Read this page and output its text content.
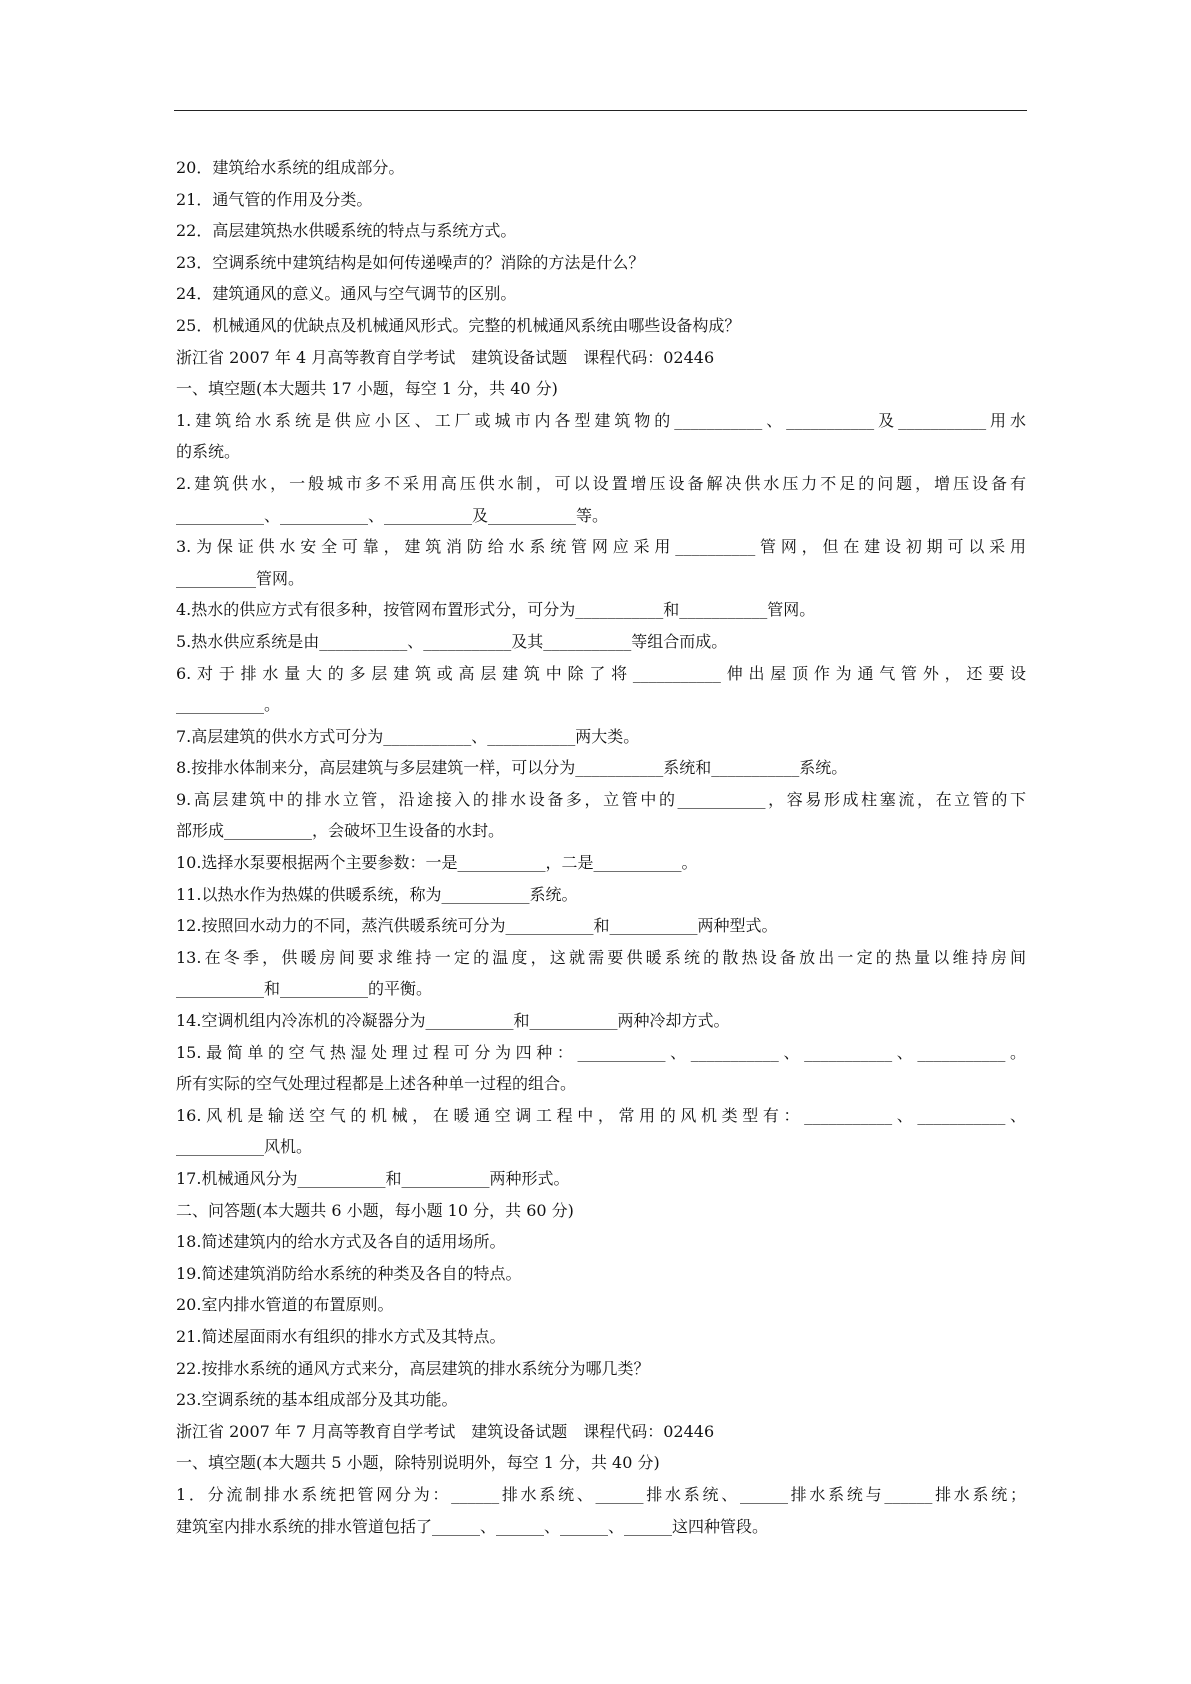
20．建筑给水系统的组成部分。
21．通气管的作用及分类。
22．高层建筑热水供暖系统的特点与系统方式。
23．空调系统中建筑结构是如何传递噪声的？消除的方法是什么？
24．建筑通风的意义。通风与空气调节的区别。
25．机械通风的优缺点及机械通风形式。完整的机械通风系统由哪些设备构成？
浙江省 2007 年 4 月高等教育自学考试　建筑设备试题　课程代码：02446
一、填空题(本大题共 17 小题，每空 1 分，共 40 分)
1.建筑给水系统是供应小区、工厂或城市内各型建筑物的___________、___________及___________用水
的系统。
2.建筑供水，一般城市多不采用高压供水制，可以设置增压设备解决供水压力不足的问题，增压设备有
___________、___________、___________及___________等。
3.为保证供水安全可靠，建筑消防给水系统管网应采用__________管网，但在建设初期可以采用
__________管网。
4.热水的供应方式有很多种，按管网布置形式分，可分为___________和___________管网。
5.热水供应系统是由___________、___________及其___________等组合而成。
6.对于排水量大的多层建筑或高层建筑中除了将___________伸出屋顶作为通气管外，还要设
___________。
7.高层建筑的供水方式可分为___________、___________两大类。
8.按排水体制来分，高层建筑与多层建筑一样，可以分为___________系统和___________系统。
9.高层建筑中的排水立管，沿途接入的排水设备多，立管中的___________，容易形成柱塞流，在立管的下
部形成___________，会破坏卫生设备的水封。
10.选择水泵要根据两个主要参数：一是___________，二是___________。
11.以热水作为热媒的供暖系统，称为___________系统。
12.按照回水动力的不同，蒸汽供暖系统可分为___________和___________两种型式。
13.在冬季，供暖房间要求维持一定的温度，这就需要供暖系统的散热设备放出一定的热量以维持房间
___________和___________的平衡。
14.空调机组内冷冻机的冷凝器分为___________和___________两种冷却方式。
15.最简单的空气热湿处理过程可分为四种：___________、___________、___________、___________。
所有实际的空气处理过程都是上述各种单一过程的组合。
16.风机是输送空气的机械，在暖通空调工程中，常用的风机类型有：___________、___________、
___________风机。
17.机械通风分为___________和___________两种形式。
二、问答题(本大题共 6 小题，每小题 10 分，共 60 分)
18.简述建筑内的给水方式及各自的适用场所。
19.简述建筑消防给水系统的种类及各自的特点。
20.室内排水管道的布置原则。
21.简述屋面雨水有组织的排水方式及其特点。
22.按排水系统的通风方式来分，高层建筑的排水系统分为哪几类？
23.空调系统的基本组成部分及其功能。
浙江省 2007 年 7 月高等教育自学考试　建筑设备试题　课程代码：02446
一、填空题(本大题共 5 小题，除特别说明外，每空 1 分，共 40 分)
1．分流制排水系统把管网分为：______排水系统、______排水系统、______排水系统与______排水系统；
建筑室内排水系统的排水管道包括了______、______、______、______这四种管段。
